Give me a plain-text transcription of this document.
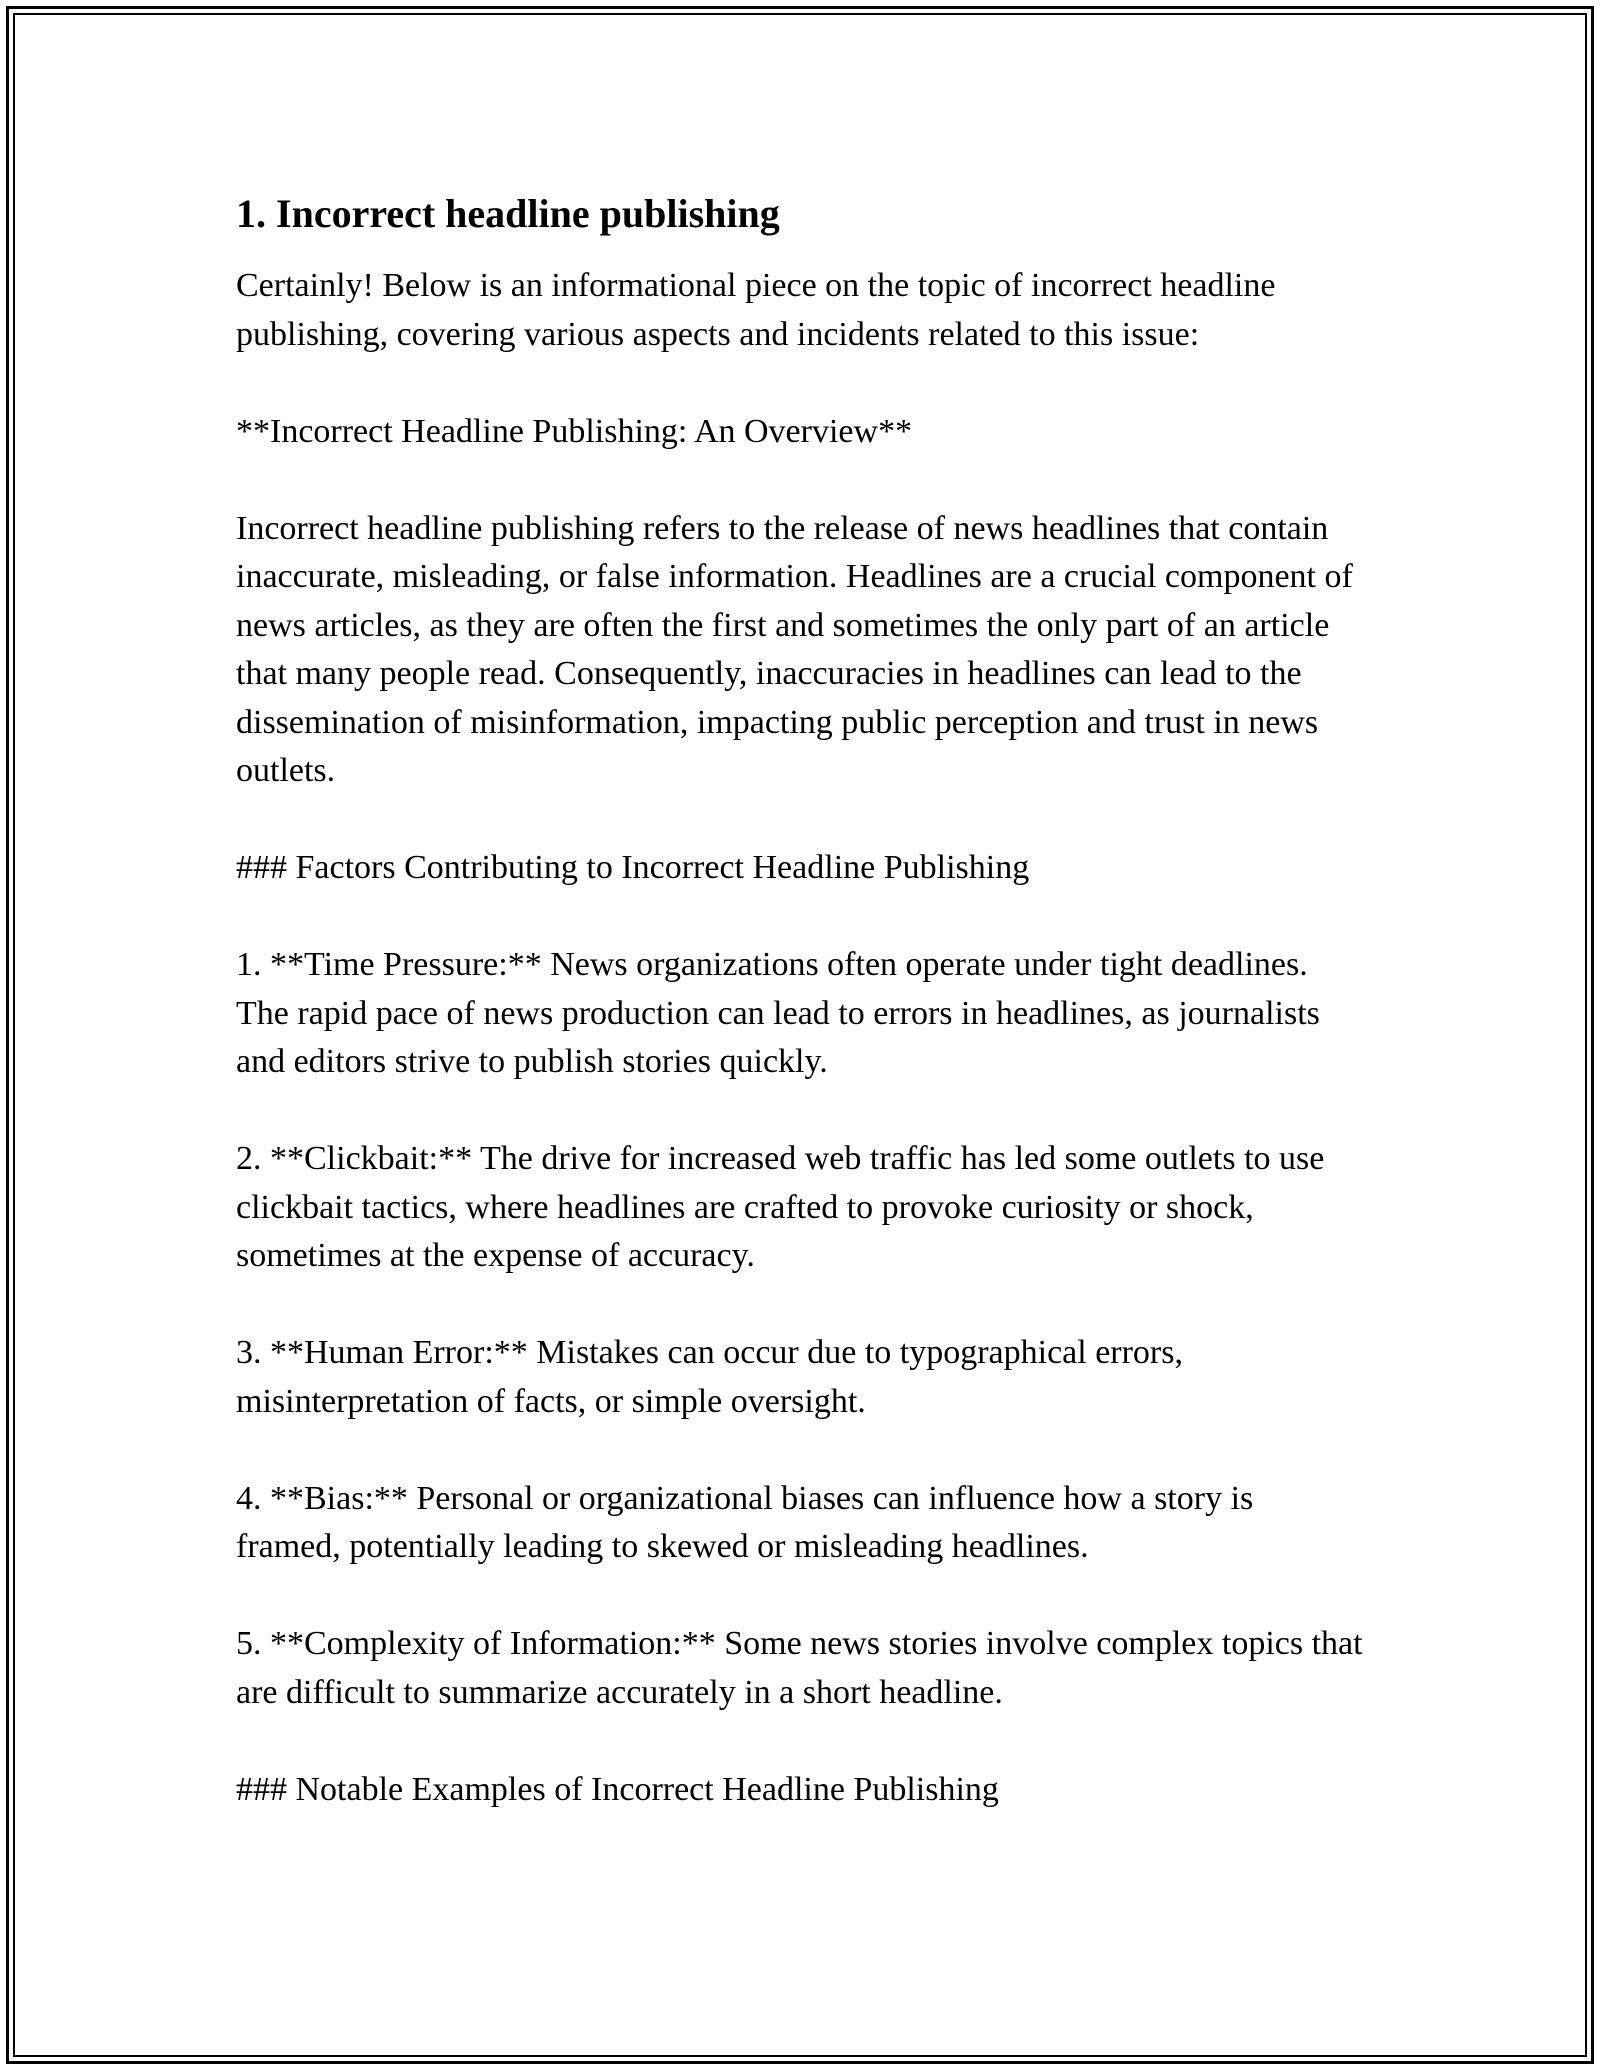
1. Incorrect headline publishing

Certainly! Below is an informational piece on the topic of incorrect headline publishing, covering various aspects and incidents related to this issue:

**Incorrect Headline Publishing: An Overview**

Incorrect headline publishing refers to the release of news headlines that contain inaccurate, misleading, or false information. Headlines are a crucial component of news articles, as they are often the first and sometimes the only part of an article that many people read. Consequently, inaccuracies in headlines can lead to the dissemination of misinformation, impacting public perception and trust in news outlets.

### Factors Contributing to Incorrect Headline Publishing

1. **Time Pressure:** News organizations often operate under tight deadlines. The rapid pace of news production can lead to errors in headlines, as journalists and editors strive to publish stories quickly.

2. **Clickbait:** The drive for increased web traffic has led some outlets to use clickbait tactics, where headlines are crafted to provoke curiosity or shock, sometimes at the expense of accuracy.

3. **Human Error:** Mistakes can occur due to typographical errors, misinterpretation of facts, or simple oversight.

4. **Bias:** Personal or organizational biases can influence how a story is framed, potentially leading to skewed or misleading headlines.

5. **Complexity of Information:** Some news stories involve complex topics that are difficult to summarize accurately in a short headline.

### Notable Examples of Incorrect Headline Publishing
